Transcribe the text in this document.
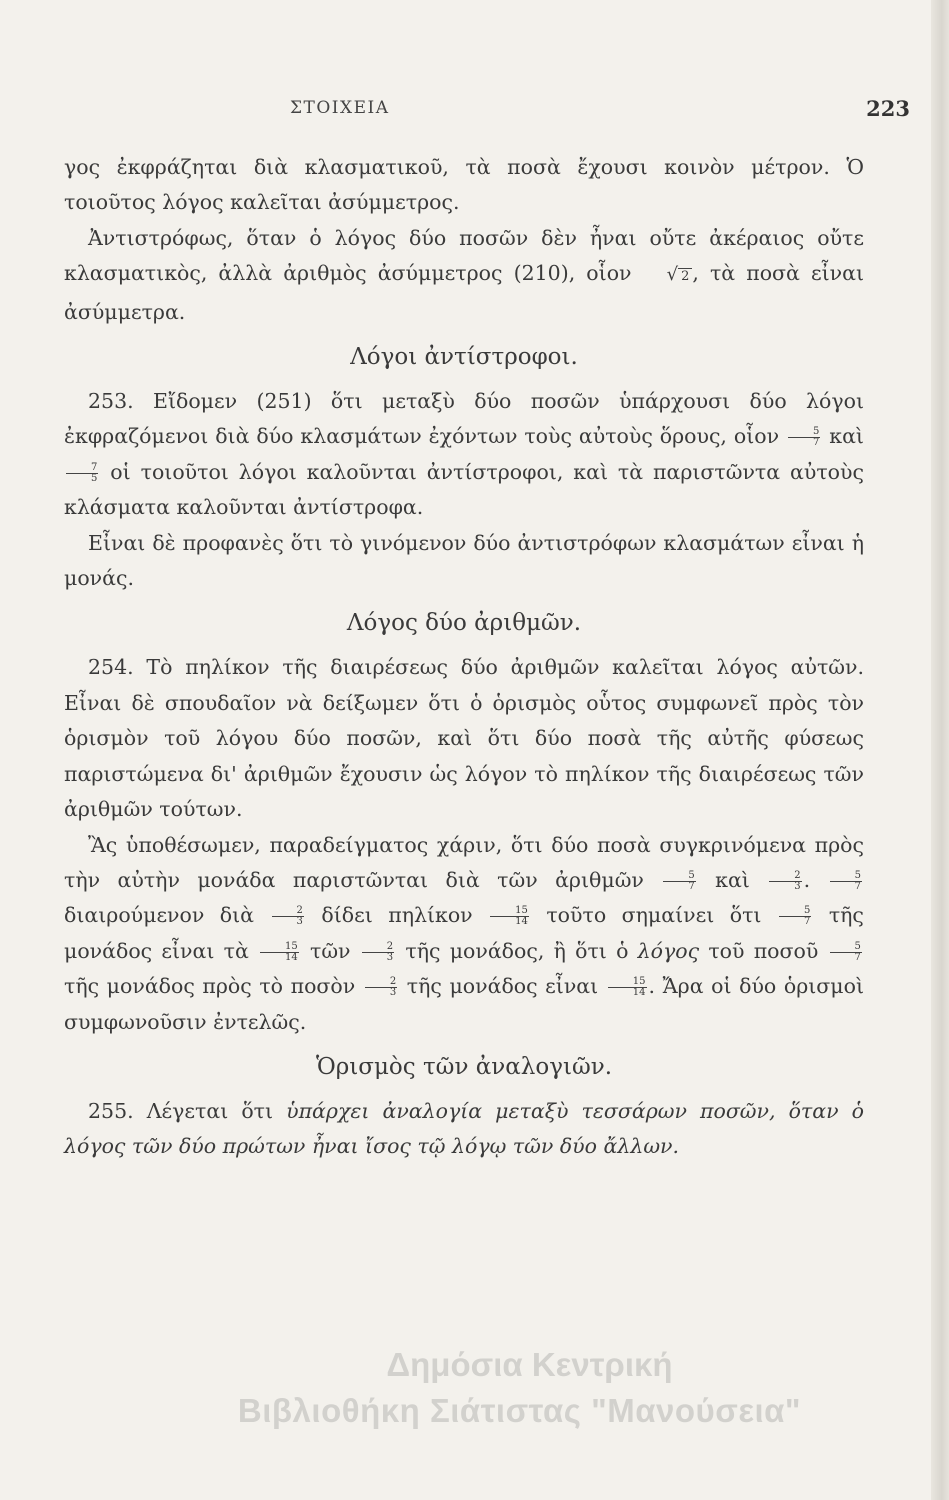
ΣΤΟΙΧΕΙΑ	223

γος ἐκφράζηται διὰ κλασματικοῦ, τὰ ποσὰ ἔχουσι κοινὸν μέτρον. Ὁ τοιοῦτος λόγος καλεῖται ἀσύμμετρος.

Ἀντιστρόφως, ὅταν ὁ λόγος δύο ποσῶν δὲν ἦναι οὔτε ἀκέραιος οὔτε κλασματικὸς, ἀλλὰ ἀριθμὸς ἀσύμμετρος (210), οἷον √ 2 , τὰ ποσὰ εἶναι ἀσύμμετρα.

Λόγοι ἀντίστροφοι.

253. Εἴδομεν (251) ὅτι μεταξὺ δύο ποσῶν ὑπάρχουσι δύο λόγοι ἐκφραζόμενοι διὰ δύο κλασμάτων ἐχόντων τοὺς αὐτοὺς ὅρους, οἷον $\frac{5}{7}$ καὶ
$\frac{7}{5}$ οἱ τοιοῦτοι λόγοι καλοῦνται ἀντίστροφοι, καὶ τὰ παριστῶντα αὐτοὺς κλάσματα καλοῦνται ἀντίστροφα.

Εἶναι δὲ προφανὲς ὅτι τὸ γινόμενον δύο ἀντιστρόφων κλασμάτων εἶναι ἡ μονάς.

Λόγος δύο ἀριθμῶν.

254. Τὸ πηλίκον τῆς διαιρέσεως δύο ἀριθμῶν καλεῖται λόγος αὐτῶν. Εἶναι δὲ σπουδαῖον νὰ δείξωμεν ὅτι ὁ ὁρισμὸς οὗτος συμφωνεῖ πρὸς τὸν ὁρισμὸν τοῦ λόγου δύο ποσῶν, καὶ ὅτι δύο ποσὰ τῆς αὐτῆς φύσεως παριστώμενα δι' ἀριθμῶν ἔχουσιν ὡς λόγον τὸ πηλίκον τῆς διαιρέσεως τῶν ἀριθμῶν τούτων.

Ἂς ὑποθέσωμεν, παραδείγματος χάριν, ὅτι δύο ποσὰ συγκρινόμενα πρὸς τὴν αὐτὴν μονάδα παριστῶνται διὰ τῶν ἀριθμῶν $\frac{5}{7}$ καὶ $\frac{2}{3}$ . $\frac{5}{7}$
διαιρούμενον διὰ $\frac{2}{3}$ δίδει πηλίκον $\frac{15}{14}$ τοῦτο σημαίνει ὅτι $\frac{5}{7}$ τῆς μονάδος εἶναι τὰ $\frac{15}{14}$ τῶν $\frac{2}{3}$ τῆς μονάδος, ἢ ὅτι ὁ λόγος τοῦ ποσοῦ $\frac{5}{7}$
τῆς μονάδος πρὸς τὸ ποσὸν $\frac{2}{3}$ τῆς μονάδος εἶναι $\frac{15}{14}$ . Ἄρα οἱ δύο ὁρισμοὶ συμφωνοῦσιν ἐντελῶς.

Ὁρισμὸς τῶν ἀναλογιῶν.

255. Λέγεται ὅτι ὑπάρχει ἀναλογία μεταξὺ τεσσάρων ποσῶν, ὅταν ὁ λόγος τῶν δύο πρώτων ἦναι ἴσος τῷ λόγῳ τῶν δύο ἄλλων.

Δημόσια Κεντρική
Βιβλιοθήκη Σιάτιστας "Μανούσεια"
